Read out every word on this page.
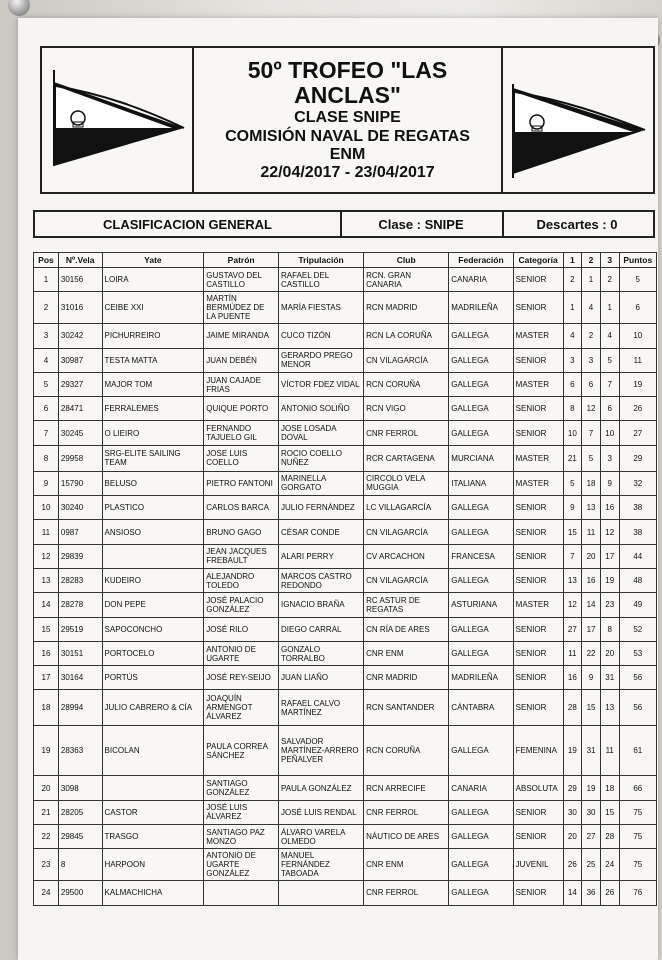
50º TROFEO "LAS
ANCLAS"
CLASE SNIPE
COMISIÓN NAVAL DE REGATAS
ENM
22/04/2017 - 23/04/2017
CLASIFICACION GENERAL	Clase : SNIPE	Descartes : 0
Pos	Nº.Vela	Yate	Patrón	Tripulación	Club	Federación	Categoría	1	2	3	Puntos
1	30156	LOIRA	GUSTAVO DEL CASTILLO	RAFAEL DEL CASTILLO	RCN. GRAN CANARIA	CANARIA	SENIOR	2	1	2	5
2	31016	CEIBE XXI	MARTÍN BERMÚDEZ DE LA PUENTE	MARÍA FIESTAS	RCN MADRID	MADRILEÑA	SENIOR	1	4	1	6
3	30242	PICHURREIRO	JAIME MIRANDA	CUCO TIZÓN	RCN LA CORUÑA	GALLEGA	MASTER	4	2	4	10
4	30987	TESTA MATTA	JUAN DEBÉN	GERARDO PREGO MENOR	CN VILAGARCÍA	GALLEGA	SENIOR	3	3	5	11
5	29327	MAJOR TOM	JUAN CAJADE FRIAS	VÍCTOR FDEZ VIDAL	RCN CORUÑA	GALLEGA	MASTER	6	6	7	19
6	28471	FERRALEMES	QUIQUE PORTO	ANTONIO SOLIÑO	RCN VIGO	GALLEGA	SENIOR	8	12	6	26
7	30245	O LIEIRO	FERNANDO TAJUELO GIL	JOSE LOSADA DOVAL	CNR FERROL	GALLEGA	SENIOR	10	7	10	27
8	29958	SRG-ELITE SAILING TEAM	JOSE LUIS COELLO	ROCIO COELLO NUÑEZ	RCR CARTAGENA	MURCIANA	MASTER	21	5	3	29
9	15790	BELUSO	PIETRO FANTONI	MARINELLA GORGATO	CIRCOLO VELA MUGGIA	ITALIANA	MASTER	5	18	9	32
10	30240	PLASTICO	CARLOS BARCA	JULIO FERNÁNDEZ	LC VILLAGARCÍA	GALLEGA	SENIOR	9	13	16	38
11	0987	ANSIOSO	BRUNO GAGO	CÉSAR CONDE	CN VILAGARCÍA	GALLEGA	SENIOR	15	11	12	38
12	29839		JEAN JACQUES FREBAULT	ALARI PERRY	CV ARCACHON	FRANCESA	SENIOR	7	20	17	44
13	28283	KUDEIRO	ALEJANDRO TOLEDO	MARCOS CASTRO REDONDO	CN VILAGARCÍA	GALLEGA	SENIOR	13	16	19	48
14	28278	DON PEPE	JOSÉ PALACIO GONZÁLEZ	IGNACIO BRAÑA	RC ASTUR DE REGATAS	ASTURIANA	MASTER	12	14	23	49
15	29519	SAPOCONCHO	JOSÉ RILO	DIEGO CARRAL	CN RÍA DE ARES	GALLEGA	SENIOR	27	17	8	52
16	30151	PORTOCELO	ANTONIO DE UGARTE	GONZALO TORRALBO	CNR ENM	GALLEGA	SENIOR	11	22	20	53
17	30164	PORTÚS	JOSÉ REY-SEIJO	JUAN LIAÑO	CNR MADRID	MADRILEÑA	SENIOR	16	9	31	56
18	28994	JULIO CABRERO & CÍA	JOAQUÍN ARMENGOT ÁLVAREZ	RAFAEL CALVO MARTÍNEZ	RCN SANTANDER	CÁNTABRA	SENIOR	28	15	13	56
19	28363	BICOLAN	PAULA CORREA SÁNCHEZ	SALVADOR MARTÍNEZ-ARRERO PEÑALVER	RCN CORUÑA	GALLEGA	FEMENINA	19	31	11	61
20	3098		SANTIAGO GONZÁLEZ	PAULA GONZÁLEZ	RCN ARRECIFE	CANARIA	ABSOLUTA	29	19	18	66
21	28205	CASTOR	JOSÉ LUIS ÁLVAREZ	JOSÉ LUIS RENDAL	CNR FERROL	GALLEGA	SENIOR	30	30	15	75
22	29845	TRASGO	SANTIAGO PAZ MONZO	ÁLVARO VARELA OLMEDO	NÁUTICO DE ARES	GALLEGA	SENIOR	20	27	28	75
23	8	HARPOON	ANTONIO DE UGARTE GONZÁLEZ	MANUEL FERNÁNDEZ TABOADA	CNR ENM	GALLEGA	JUVENIL	26	25	24	75
24	29500	KALMACHICHA			CNR FERROL	GALLEGA	SENIOR	14	36	26	76
